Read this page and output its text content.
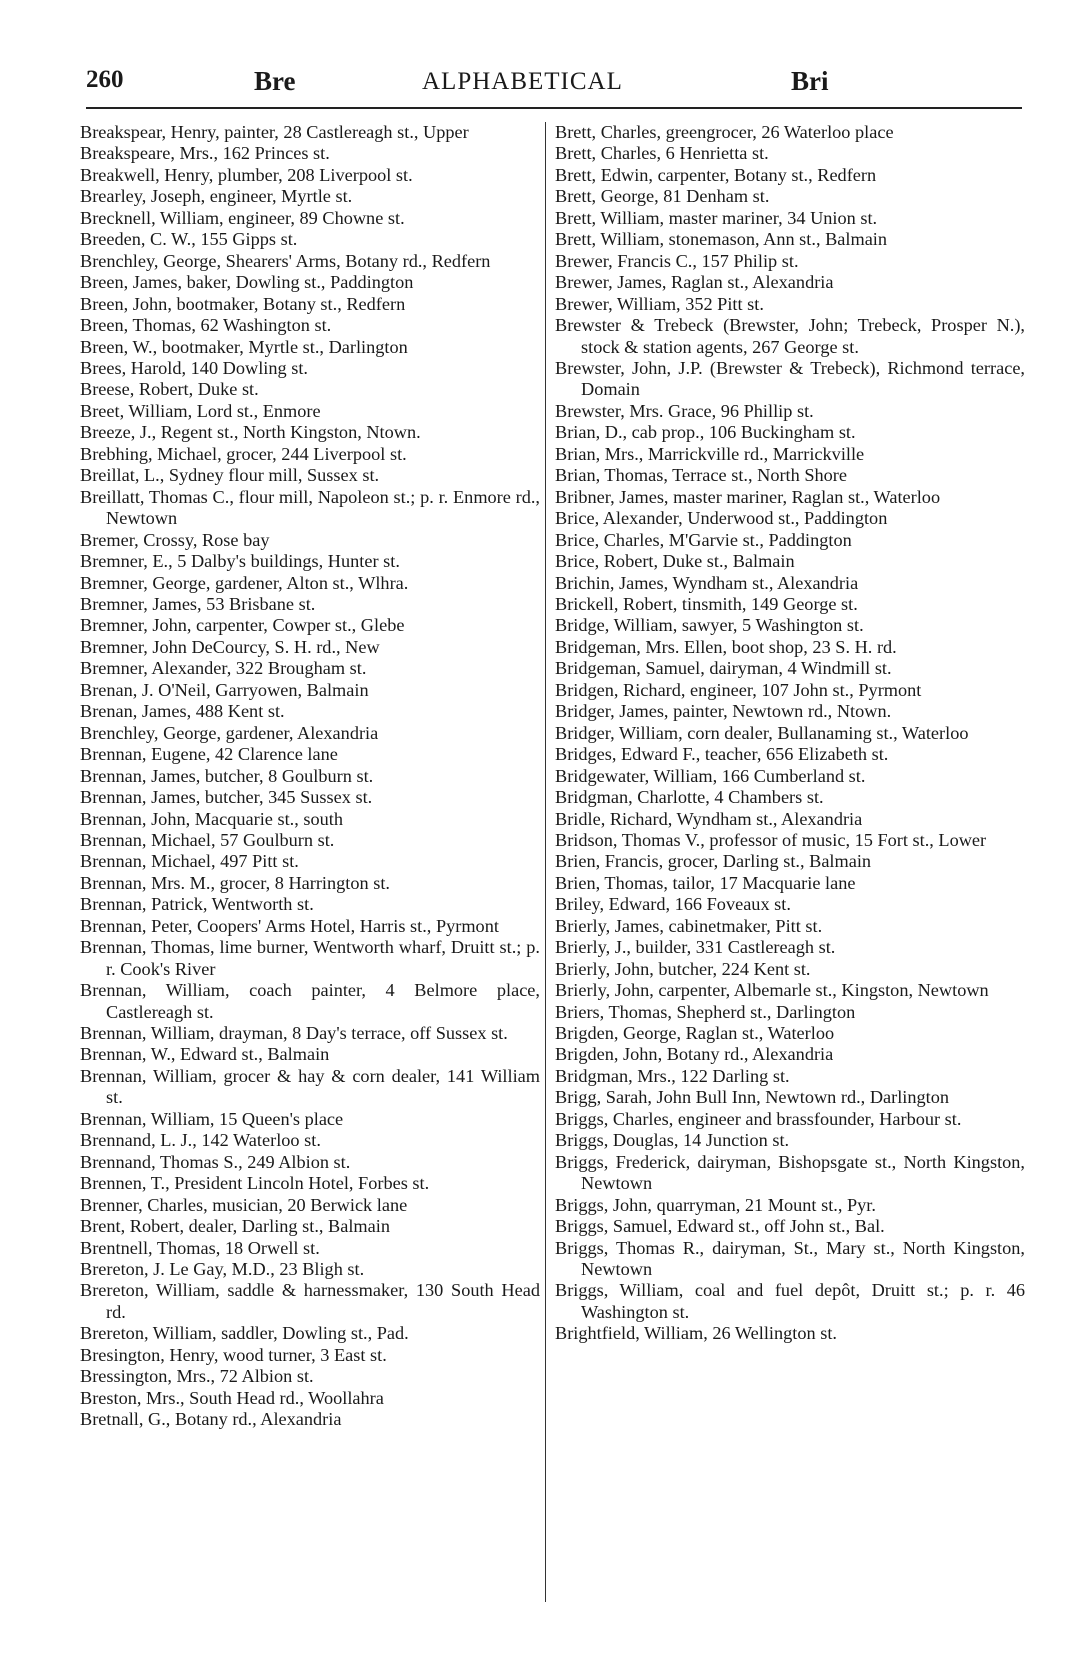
260	Bre	ALPHABETICAL	Bri
Breakspear, Henry, painter, 28 Castlereagh st., Upper
Breakspeare, Mrs., 162 Princes st.
Breakwell, Henry, plumber, 208 Liverpool st.
Brearley, Joseph, engineer, Myrtle st.
Brecknell, William, engineer, 89 Chowne st.
Breeden, C. W., 155 Gipps st.
Brenchley, George, Shearers' Arms, Botany rd., Redfern
Breen, James, baker, Dowling st., Paddington
Breen, John, bootmaker, Botany st., Redfern
Breen, Thomas, 62 Washington st.
Breen, W., bootmaker, Myrtle st., Darlington
Brees, Harold, 140 Dowling st.
Breese, Robert, Duke st.
Breet, William, Lord st., Enmore
Breeze, J., Regent st., North Kingston, Ntown.
Brebhing, Michael, grocer, 244 Liverpool st.
Breillat, L., Sydney flour mill, Sussex st.
Breillatt, Thomas C., flour mill, Napoleon st.; p. r. Enmore rd., Newtown
Bremer, Crossy, Rose bay
Bremner, E., 5 Dalby's buildings, Hunter st.
Bremner, George, gardener, Alton st., Wlhra.
Bremner, James, 53 Brisbane st.
Bremner, John, carpenter, Cowper st., Glebe
Bremner, John DeCourcy, S. H. rd., New
Bremner, Alexander, 322 Brougham st.
Brenan, J. O'Neil, Garryowen, Balmain
Brenan, James, 488 Kent st.
Brenchley, George, gardener, Alexandria
Brennan, Eugene, 42 Clarence lane
Brennan, James, butcher, 8 Goulburn st.
Brennan, James, butcher, 345 Sussex st.
Brennan, John, Macquarie st., south
Brennan, Michael, 57 Goulburn st.
Brennan, Michael, 497 Pitt st.
Brennan, Mrs. M., grocer, 8 Harrington st.
Brennan, Patrick, Wentworth st.
Brennan, Peter, Coopers' Arms Hotel, Harris st., Pyrmont
Brennan, Thomas, lime burner, Wentworth wharf, Druitt st.; p. r. Cook's River
Brennan, William, coach painter, 4 Belmore place, Castlereagh st.
Brennan, William, drayman, 8 Day's terrace, off Sussex st.
Brennan, W., Edward st., Balmain
Brennan, William, grocer & hay & corn dealer, 141 William st.
Brennan, William, 15 Queen's place
Brennand, L. J., 142 Waterloo st.
Brennand, Thomas S., 249 Albion st.
Brennen, T., President Lincoln Hotel, Forbes st.
Brenner, Charles, musician, 20 Berwick lane
Brent, Robert, dealer, Darling st., Balmain
Brentnell, Thomas, 18 Orwell st.
Brereton, J. Le Gay, M.D., 23 Bligh st.
Brereton, William, saddle & harnessmaker, 130 South Head rd.
Brereton, William, saddler, Dowling st., Pad.
Bresington, Henry, wood turner, 3 East st.
Bressington, Mrs., 72 Albion st.
Breston, Mrs., South Head rd., Woollahra
Bretnall, G., Botany rd., Alexandria
Brett, Charles, greengrocer, 26 Waterloo place
Brett, Charles, 6 Henrietta st.
Brett, Edwin, carpenter, Botany st., Redfern
Brett, George, 81 Denham st.
Brett, William, master mariner, 34 Union st.
Brett, William, stonemason, Ann st., Balmain
Brewer, Francis C., 157 Philip st.
Brewer, James, Raglan st., Alexandria
Brewer, William, 352 Pitt st.
Brewster & Trebeck (Brewster, John; Trebeck, Prosper N.), stock & station agents, 267 George st.
Brewster, John, J.P. (Brewster & Trebeck), Richmond terrace, Domain
Brewster, Mrs. Grace, 96 Phillip st.
Brian, D., cab prop., 106 Buckingham st.
Brian, Mrs., Marrickville rd., Marrickville
Brian, Thomas, Terrace st., North Shore
Bribner, James, master mariner, Raglan st., Waterloo
Brice, Alexander, Underwood st., Paddington
Brice, Charles, M'Garvie st., Paddington
Brice, Robert, Duke st., Balmain
Brichin, James, Wyndham st., Alexandria
Brickell, Robert, tinsmith, 149 George st.
Bridge, William, sawyer, 5 Washington st.
Bridgeman, Mrs. Ellen, boot shop, 23 S. H. rd.
Bridgeman, Samuel, dairyman, 4 Windmill st.
Bridgen, Richard, engineer, 107 John st., Pyrmont
Bridger, James, painter, Newtown rd., Ntown.
Bridger, William, corn dealer, Bullanaming st., Waterloo
Bridges, Edward F., teacher, 656 Elizabeth st.
Bridgewater, William, 166 Cumberland st.
Bridgman, Charlotte, 4 Chambers st.
Bridle, Richard, Wyndham st., Alexandria
Bridson, Thomas V., professor of music, 15 Fort st., Lower
Brien, Francis, grocer, Darling st., Balmain
Brien, Thomas, tailor, 17 Macquarie lane
Briley, Edward, 166 Foveaux st.
Brierly, James, cabinetmaker, Pitt st.
Brierly, J., builder, 331 Castlereagh st.
Brierly, John, butcher, 224 Kent st.
Brierly, John, carpenter, Albemarle st., Kingston, Newtown
Briers, Thomas, Shepherd st., Darlington
Brigden, George, Raglan st., Waterloo
Brigden, John, Botany rd., Alexandria
Bridgman, Mrs., 122 Darling st.
Brigg, Sarah, John Bull Inn, Newtown rd., Darlington
Briggs, Charles, engineer and brassfounder, Harbour st.
Briggs, Douglas, 14 Junction st.
Briggs, Frederick, dairyman, Bishopsgate st., North Kingston, Newtown
Briggs, John, quarryman, 21 Mount st., Pyr.
Briggs, Samuel, Edward st., off John st., Bal.
Briggs, Thomas R., dairyman, St., Mary st., North Kingston, Newtown
Briggs, William, coal and fuel depôt, Druitt st.; p. r. 46 Washington st.
Brightfield, William, 26 Wellington st.
